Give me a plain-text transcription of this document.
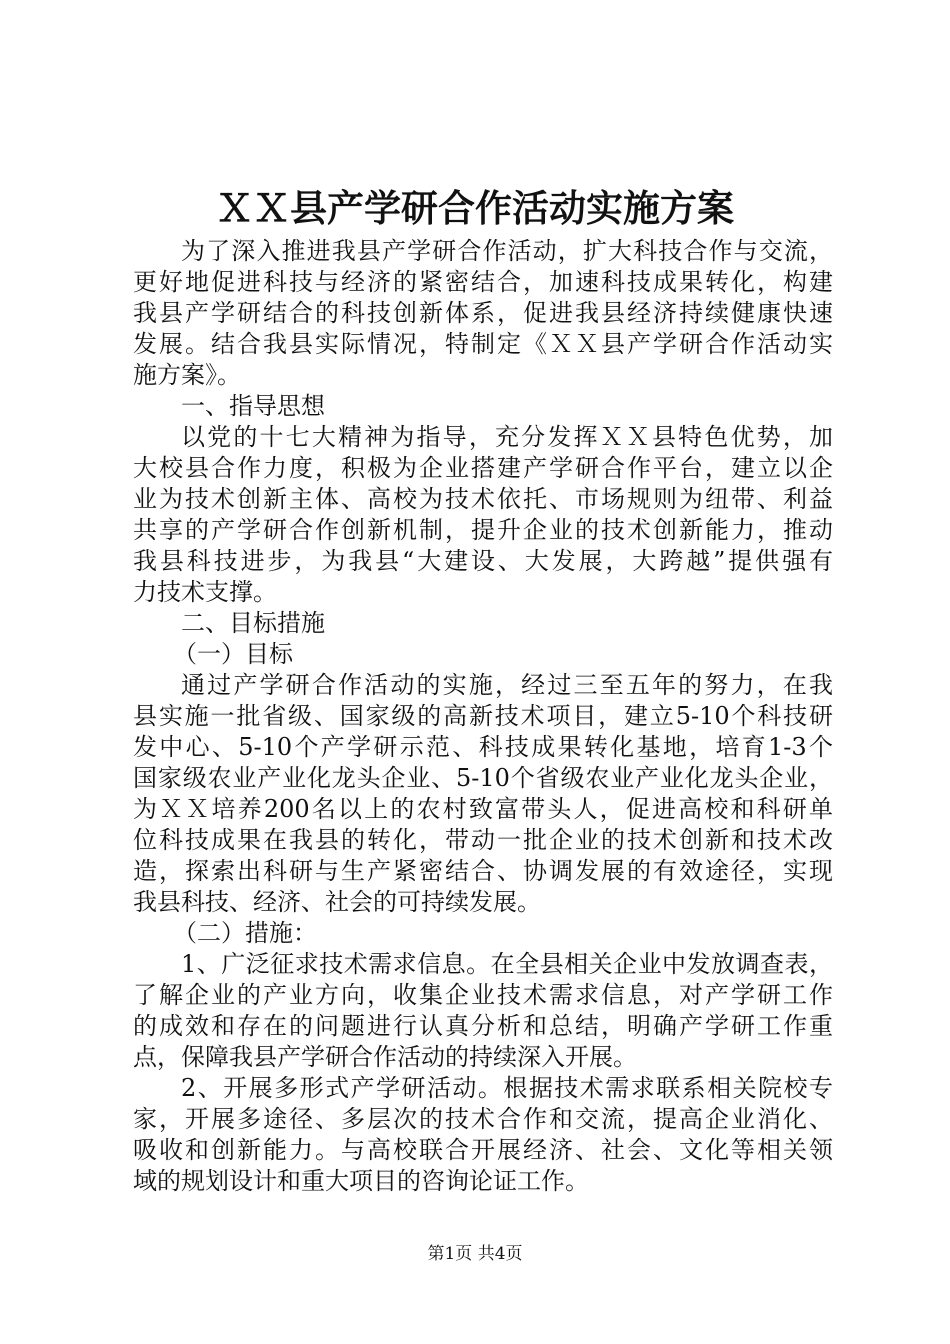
ＸＸ县产学研合作活动实施方案
为了深入推进我县产学研合作活动，扩大科技合作与交流，
更好地促进科技与经济的紧密结合，加速科技成果转化，构建
我县产学研结合的科技创新体系，促进我县经济持续健康快速
发展。结合我县实际情况，特制定《ＸＸ县产学研合作活动实
施方案》。
一、指导思想
以党的十七大精神为指导，充分发挥ＸＸ县特色优势，加
大校县合作力度，积极为企业搭建产学研合作平台，建立以企
业为技术创新主体、高校为技术依托、市场规则为纽带、利益
共享的产学研合作创新机制，提升企业的技术创新能力，推动
我县科技进步，为我县“大建设、大发展，大跨越”提供强有
力技术支撑。
二、目标措施
（一）目标
通过产学研合作活动的实施，经过三至五年的努力，在我
县实施一批省级、国家级的高新技术项目，建立5-10个科技研
发中心、5-10个产学研示范、科技成果转化基地，培育1-3个
国家级农业产业化龙头企业、5-10个省级农业产业化龙头企业，
为ＸＸ培养200名以上的农村致富带头人，促进高校和科研单
位科技成果在我县的转化，带动一批企业的技术创新和技术改
造，探索出科研与生产紧密结合、协调发展的有效途径，实现
我县科技、经济、社会的可持续发展。
（二）措施：
1、广泛征求技术需求信息。在全县相关企业中发放调查表，
了解企业的产业方向，收集企业技术需求信息，对产学研工作
的成效和存在的问题进行认真分析和总结，明确产学研工作重
点，保障我县产学研合作活动的持续深入开展。
2、开展多形式产学研活动。根据技术需求联系相关院校专
家，开展多途径、多层次的技术合作和交流，提高企业消化、
吸收和创新能力。与高校联合开展经济、社会、文化等相关领
域的规划设计和重大项目的咨询论证工作。
第1页 共4页
